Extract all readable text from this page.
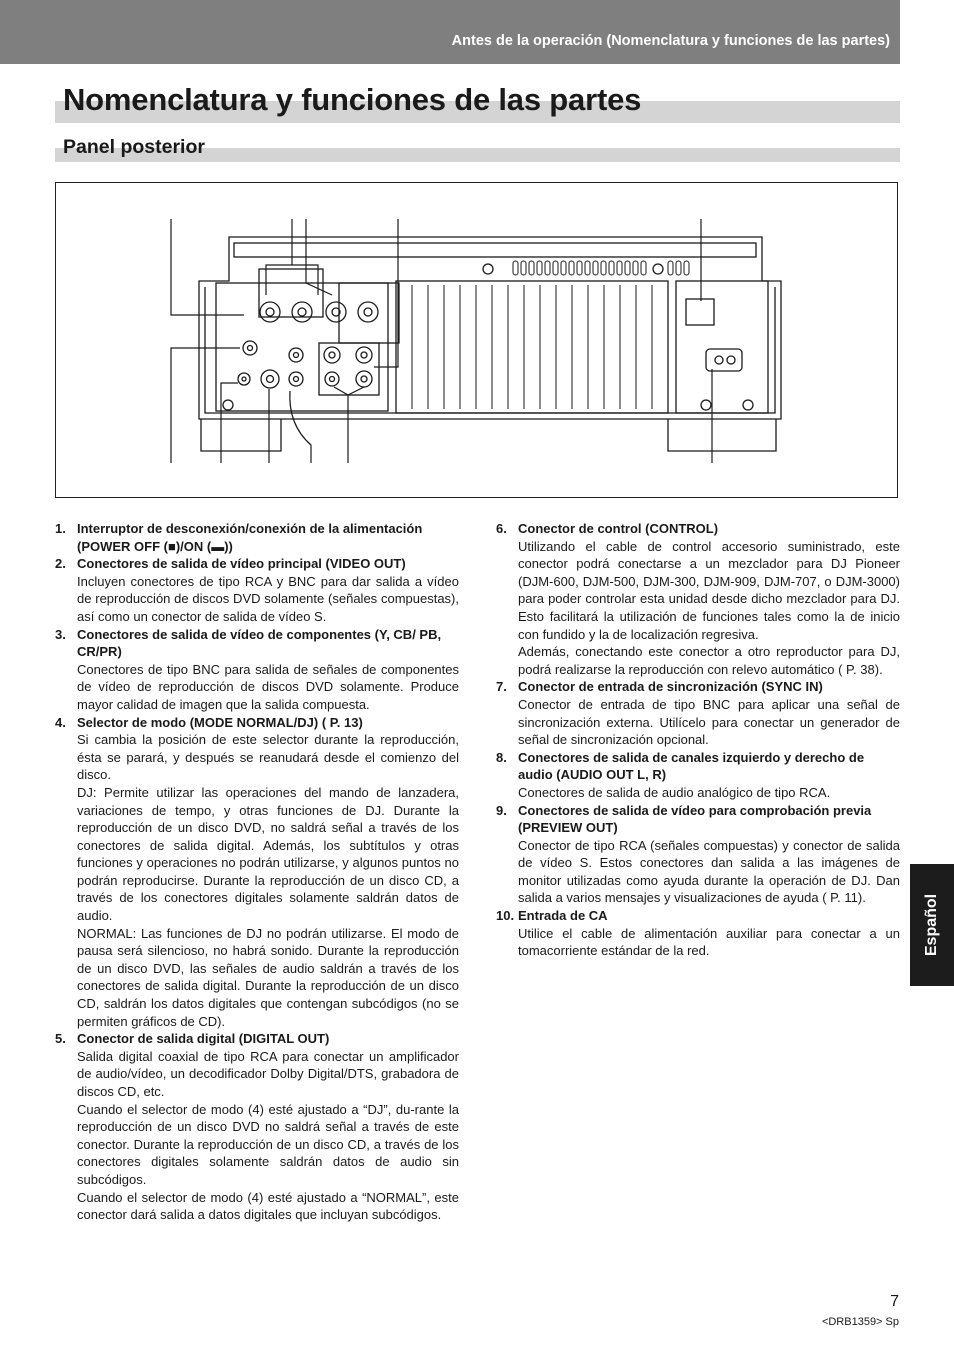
Antes de la operación (Nomenclatura y funciones de las partes)
Nomenclatura y funciones de las partes
Panel posterior
1. Interruptor de desconexión/conexión de la alimentación (POWER OFF (■)/ON (▬))
2. Conectores de salida de vídeo principal (VIDEO OUT)

Incluyen conectores de tipo RCA y BNC para dar salida a vídeo de reproducción de discos DVD solamente (señales compuestas), así como un conector de salida de vídeo S.

3. Conectores de salida de vídeo de componentes (Y, CB/ PB, CR/PR)

Conectores de tipo BNC para salida de señales de componentes de vídeo de reproducción de discos DVD solamente. Produce mayor calidad de imagen que la salida compuesta.

4. Selector de modo (MODE NORMAL/DJ) ( P. 13)

Si cambia la posición de este selector durante la reproducción, ésta se parará, y después se reanudará desde el comienzo del disco.

DJ: Permite utilizar las operaciones del mando de lanzadera, variaciones de tempo, y otras funciones de DJ. Durante la reproducción de un disco DVD, no saldrá señal a través de los conectores de salida digital. Además, los subtítulos y otras funciones y operaciones no podrán utilizarse, y algunos puntos no podrán reproducirse. Durante la reproducción de un disco CD, a través de los conectores digitales solamente saldrán datos de audio.

NORMAL: Las funciones de DJ no podrán utilizarse. El modo de pausa será silencioso, no habrá sonido. Durante la reproducción de un disco DVD, las señales de audio saldrán a través de los conectores de salida digital. Durante la reproducción de un disco CD, saldrán los datos digitales que contengan subcódigos (no se permiten gráficos de CD).

5. Conector de salida digital (DIGITAL OUT)

Salida digital coaxial de tipo RCA para conectar un amplificador de audio/vídeo, un decodificador Dolby Digital/DTS, grabadora de discos CD, etc.

Cuando el selector de modo (4) esté ajustado a “DJ”, du-rante la reproducción de un disco DVD no saldrá señal a través de este conector. Durante la reproducción de un disco CD, a través de los conectores digitales solamente saldrán datos de audio sin subcódigos.

Cuando el selector de modo (4) esté ajustado a “NORMAL”, este conector dará salida a datos digitales que incluyan subcódigos.

6. Conector de control (CONTROL)

Utilizando el cable de control accesorio suministrado, este conector podrá conectarse a un mezclador para DJ Pioneer (DJM-600, DJM-500, DJM-300, DJM-909, DJM-707, o DJM-3000) para poder controlar esta unidad desde dicho mezclador para DJ. Esto facilitará la utilización de funciones tales como la de inicio con fundido y la de localización regresiva.

Además, conectando este conector a otro reproductor para DJ, podrá realizarse la reproducción con relevo automático ( P. 38).

7. Conector de entrada de sincronización (SYNC IN)

Conector de entrada de tipo BNC para aplicar una señal de sincronización externa. Utilícelo para conectar un generador de señal de sincronización opcional.

8. Conectores de salida de canales izquierdo y derecho de audio (AUDIO OUT L, R)

Conectores de salida de audio analógico de tipo RCA.

9. Conectores de salida de vídeo para comprobación previa (PREVIEW OUT)

Conector de tipo RCA (señales compuestas) y conector de salida de vídeo S. Estos conectores dan salida a las imágenes de monitor utilizadas como ayuda durante la operación de DJ. Dan salida a varios mensajes y visualizaciones de ayuda ( P. 11).

10. Entrada de CA

Utilice el cable de alimentación auxiliar para conectar a un tomacorriente estándar de la red.	Español
7
<DRB1359> Sp
